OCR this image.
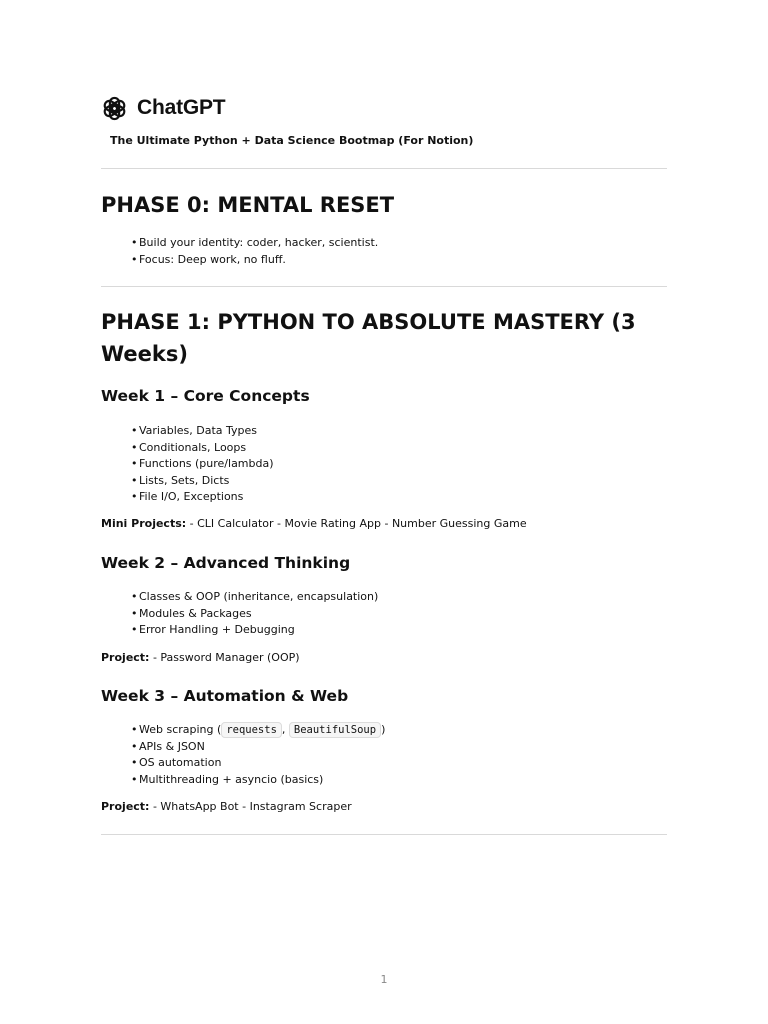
ChatGPT
The Ultimate Python + Data Science Bootmap (For Notion)
PHASE 0: MENTAL RESET
• Build your identity: coder, hacker, scientist.
• Focus: Deep work, no fluff.
PHASE 1: PYTHON TO ABSOLUTE MASTERY (3 Weeks)
Week 1 – Core Concepts
• Variables, Data Types
• Conditionals, Loops
• Functions (pure/lambda)
• Lists, Sets, Dicts
• File I/O, Exceptions
Mini Projects: - CLI Calculator - Movie Rating App - Number Guessing Game
Week 2 – Advanced Thinking
• Classes & OOP (inheritance, encapsulation)
• Modules & Packages
• Error Handling + Debugging
Project: - Password Manager (OOP)
Week 3 – Automation & Web
• Web scraping ( requests , BeautifulSoup )
• APIs & JSON
• OS automation
• Multithreading + asyncio (basics)
Project: - WhatsApp Bot - Instagram Scraper
1
